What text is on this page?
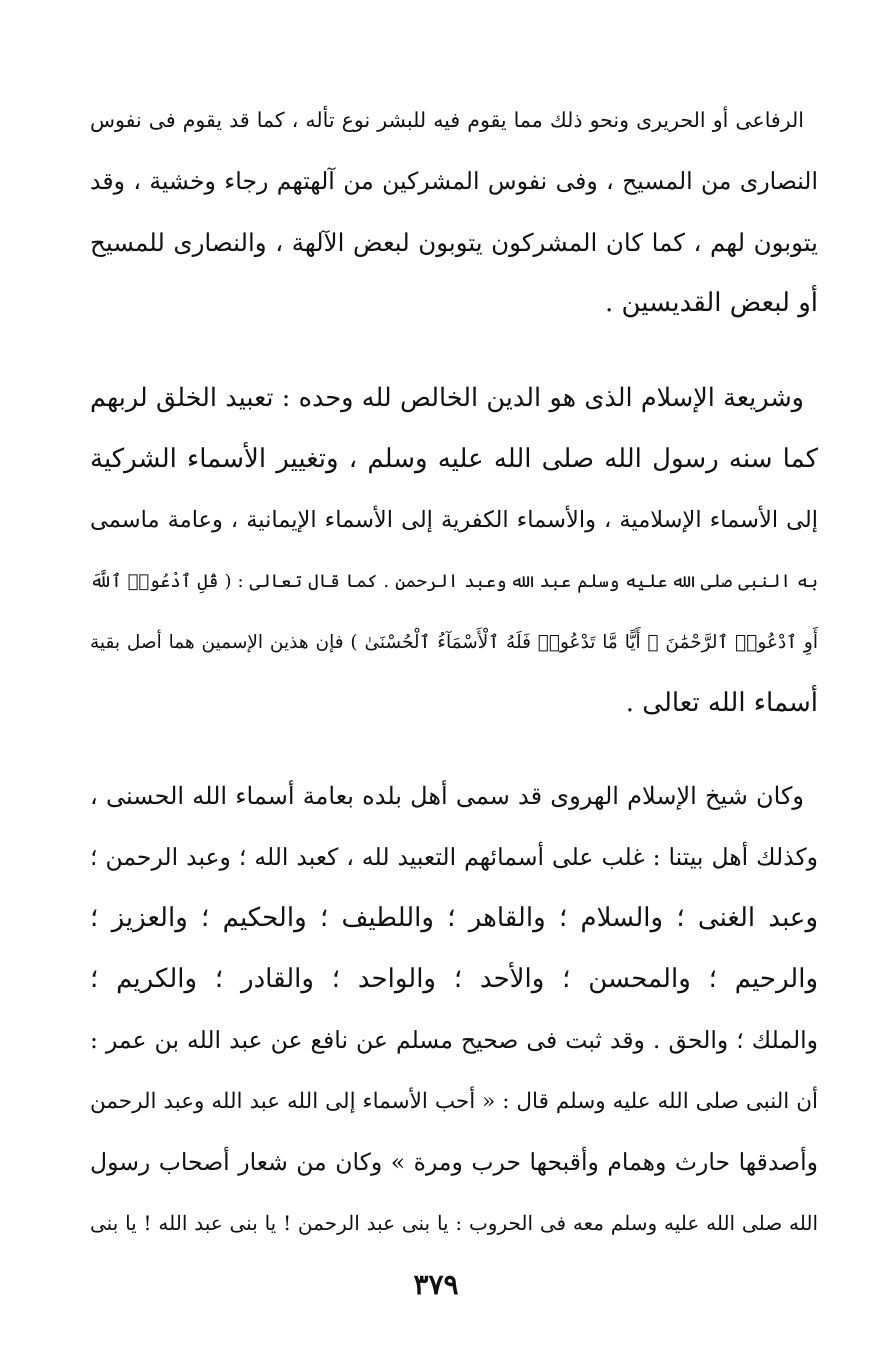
الرفاعى أو الحريرى ونحو ذلك مما يقوم فيه للبشر نوع تأله ، كما قد يقوم فى نفوس
النصارى من المسيح ، وفى نفوس المشركين من آلهتهم رجاء وخشية ، وقد
يتوبون لهم ، كما كان المشركون يتوبون لبعض الآلهة ، والنصارى للمسيح
أو لبعض القديسين .
وشريعة الإسلام الذى هو الدين الخالص لله وحده : تعبيد الخلق لربهم
كما سنه رسول الله صلى الله عليه وسلم ، وتغيير الأسماء الشركية
إلى الأسماء الإسلامية ، والأسماء الكفرية إلى الأسماء الإيمانية ، وعامة ماسمى
به النبى صلى الله عليه وسلم عبد الله وعبد الرحمن . كما قال تعالى : ( قُلِ ٱدْعُوا۟ ٱللَّهَ
أَوِ ٱدْعُوا۟ ٱلرَّحْمَٰنَ ۖ أَيًّا مَّا تَدْعُوا۟ فَلَهُ ٱلْأَسْمَآءُ ٱلْحُسْنَىٰ ) فإن هذين الإسمين هما أصل بقية
أسماء الله تعالى .
وكان شيخ الإسلام الهروى قد سمى أهل بلده بعامة أسماء الله الحسنى ،
وكذلك أهل بيتنا : غلب على أسمائهم التعبيد لله ، كعبد الله ؛ وعبد الرحمن ؛
وعبد الغنى ؛ والسلام ؛ والقاهر ؛ واللطيف ؛ والحكيم ؛ والعزيز ؛
والرحيم ؛ والمحسن ؛ والأحد ؛ والواحد ؛ والقادر ؛ والكريم ؛
والملك ؛ والحق . وقد ثبت فى صحيح مسلم عن نافع عن عبد الله بن عمر :
أن النبى صلى الله عليه وسلم قال : « أحب الأسماء إلى الله عبد الله وعبد الرحمن
وأصدقها حارث وهمام وأقبحها حرب ومرة » وكان من شعار أصحاب رسول
الله صلى الله عليه وسلم معه فى الحروب : يا بنى عبد الرحمن ! يا بنى عبد الله ! يا بنى
٣٧٩
